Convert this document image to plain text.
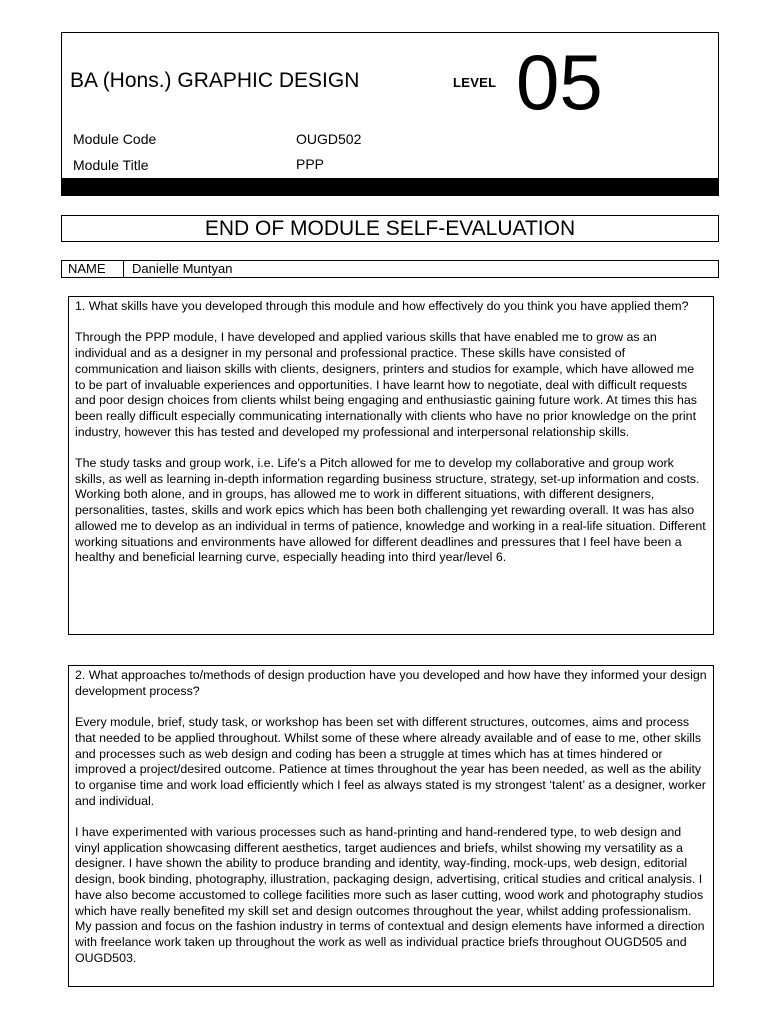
BA (Hons.) GRAPHIC DESIGN	LEVEL 05
Module Code	OUGD502
Module Title	PPP
END OF MODULE SELF-EVALUATION
NAME	Danielle Muntyan

1. What skills have you developed through this module and how effectively do you think you have applied them?

Through the PPP module, I have developed and applied various skills that have enabled me to grow as an individual and as a designer in my personal and professional practice. These skills have consisted of communication and liaison skills with clients, designers, printers and studios for example, which have allowed me to be part of invaluable experiences and opportunities. I have learnt how to negotiate, deal with difficult requests and poor design choices from clients whilst being engaging and enthusiastic gaining future work. At times this has been really difficult especially communicating internationally with clients who have no prior knowledge on the print industry, however this has tested and developed my professional and interpersonal relationship skills.

The study tasks and group work, i.e. Life's a Pitch allowed for me to develop my collaborative and group work skills, as well as learning in-depth information regarding business structure, strategy, set-up information and costs. Working both alone, and in groups, has allowed me to work in different situations, with different designers, personalities, tastes, skills and work epics which has been both challenging yet rewarding overall. It was has also allowed me to develop as an individual in terms of patience, knowledge and working in a real-life situation. Different working situations and environments have allowed for different deadlines and pressures that I feel have been a healthy and beneficial learning curve, especially heading into third year/level 6.

2. What approaches to/methods of design production have you developed and how have they informed your design development process?

Every module, brief, study task, or workshop has been set with different structures, outcomes, aims and process that needed to be applied throughout. Whilst some of these where already available and of ease to me, other skills and processes such as web design and coding has been a struggle at times which has at times hindered or improved a project/desired outcome. Patience at times throughout the year has been needed, as well as the ability to organise time and work load efficiently which I feel as always stated is my strongest ‘talent’ as a designer, worker and individual.

I have experimented with various processes such as hand-printing and hand-rendered type, to web design and vinyl application showcasing different aesthetics, target audiences and briefs, whilst showing my versatility as a designer. I have shown the ability to produce branding and identity, way-finding, mock-ups, web design, editorial design, book binding, photography, illustration, packaging design, advertising, critical studies and critical analysis. I have also become accustomed to college facilities more such as laser cutting, wood work and photography studios which have really benefited my skill set and design outcomes throughout the year, whilst adding professionalism. My passion and focus on the fashion industry in terms of contextual and design elements have informed a direction with freelance work taken up throughout the work as well as individual practice briefs throughout OUGD505 and OUGD503.
